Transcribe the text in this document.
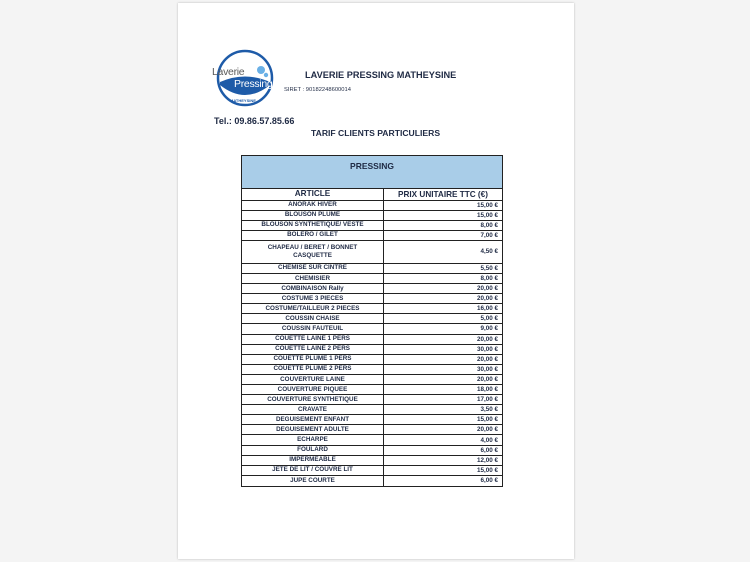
Laverie
Pressing
MATHEYSINE
LAVERIE PRESSING MATHEYSINE
SIRET : 90182248600014
Tel.: 09.86.57.85.66
TARIF CLIENTS PARTICULIERS
PRESSING
ARTICLE	PRIX UNITAIRE TTC (€)
ANORAK HIVER	15,00 €
BLOUSON PLUME	15,00 €
BLOUSON SYNTHETIQUE/ VESTE	8,00 €
BOLERO / GILET	7,00 €
CHAPEAU / BERET / BONNET CASQUETTE	4,50 €
CHEMISE SUR CINTRE	5,50 €
CHEMISIER	8,00 €
COMBINAISON Rally	20,00 €
COSTUME 3 PIECES	20,00 €
COSTUME/TAILLEUR 2 PIECES	16,00 €
COUSSIN CHAISE	5,00 €
COUSSIN FAUTEUIL	9,00 €
COUETTE LAINE 1 PERS	20,00 €
COUETTE LAINE 2 PERS	30,00 €
COUETTE PLUME 1 PERS	20,00 €
COUETTE PLUME 2 PERS	30,00 €
COUVERTURE LAINE	20,00 €
COUVERTURE PIQUEE	18,00 €
COUVERTURE SYNTHETIQUE	17,00 €
CRAVATE	3,50 €
DEGUISEMENT ENFANT	15,00 €
DEGUISEMENT ADULTE	20,00 €
ECHARPE	4,00 €
FOULARD	6,00 €
IMPERMEABLE	12,00 €
JETE DE LIT / COUVRE LIT	15,00 €
JUPE COURTE	6,00 €
